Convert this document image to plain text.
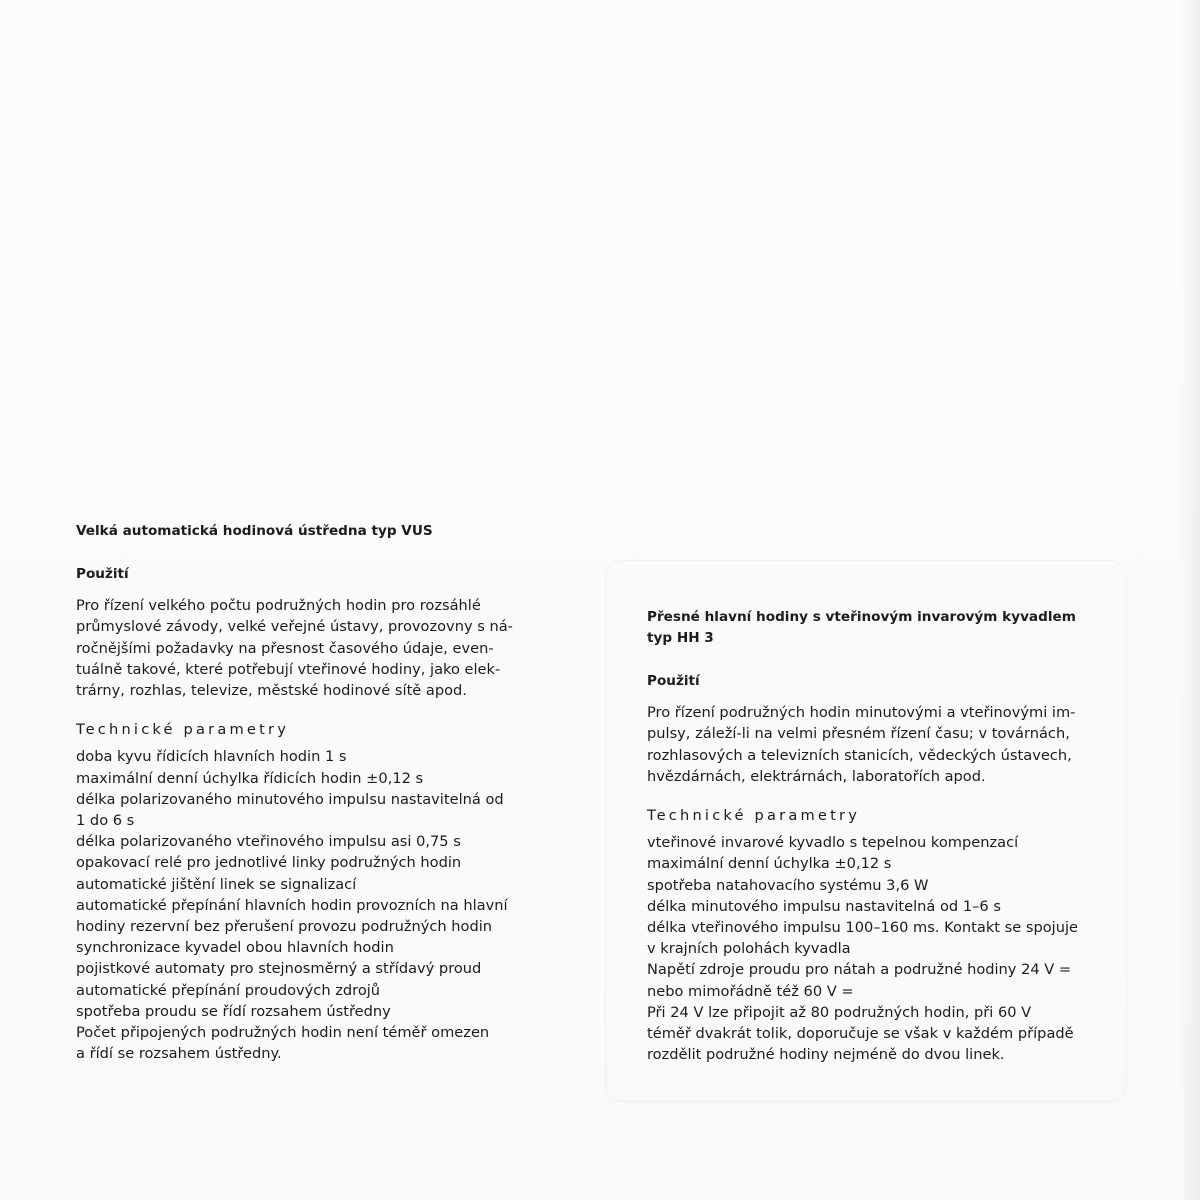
Velká automatická hodinová ústředna typ VUS
Použití
Pro řízení velkého počtu podružných hodin pro rozsáhlé
průmyslové závody, velké veřejné ústavy, provozovny s ná-
ročnějšími požadavky na přesnost časového údaje, even-
tuálně takové, které potřebují vteřinové hodiny, jako elek-
trárny, rozhlas, televize, městské hodinové sítě apod.
Technické parametry
doba kyvu řídicích hlavních hodin 1 s
maximální denní úchylka řídicích hodin ±0,12 s
délka polarizovaného minutového impulsu nastavitelná od
1 do 6 s
délka polarizovaného vteřinového impulsu asi 0,75 s
opakovací relé pro jednotlivé linky podružných hodin
automatické jištění linek se signalizací
automatické přepínání hlavních hodin provozních na hlavní
hodiny rezervní bez přerušení provozu podružných hodin
synchronizace kyvadel obou hlavních hodin
pojistkové automaty pro stejnosměrný a střídavý proud
automatické přepínání proudových zdrojů
spotřeba proudu se řídí rozsahem ústředny
Počet připojených podružných hodin není téměř omezen
a řídí se rozsahem ústředny.
Přesné hlavní hodiny s vteřinovým invarovým kyvadlem
typ HH 3
Použití
Pro řízení podružných hodin minutovými a vteřinovými im-
pulsy, záleží-li na velmi přesném řízení času; v továrnách,
rozhlasových a televizních stanicích, vědeckých ústavech,
hvězdárnách, elektrárnách, laboratořích apod.
Technické parametry
vteřinové invarové kyvadlo s tepelnou kompenzací
maximální denní úchylka ±0,12 s
spotřeba natahovacího systému 3,6 W
délka minutového impulsu nastavitelná od 1–6 s
délka vteřinového impulsu 100–160 ms. Kontakt se spojuje
v krajních polohách kyvadla
Napětí zdroje proudu pro nátah a podružné hodiny 24 V =
nebo mimořádně též 60 V =
Při 24 V lze připojit až 80 podružných hodin, při 60 V
téměř dvakrát tolik, doporučuje se však v každém případě
rozdělit podružné hodiny nejméně do dvou linek.
